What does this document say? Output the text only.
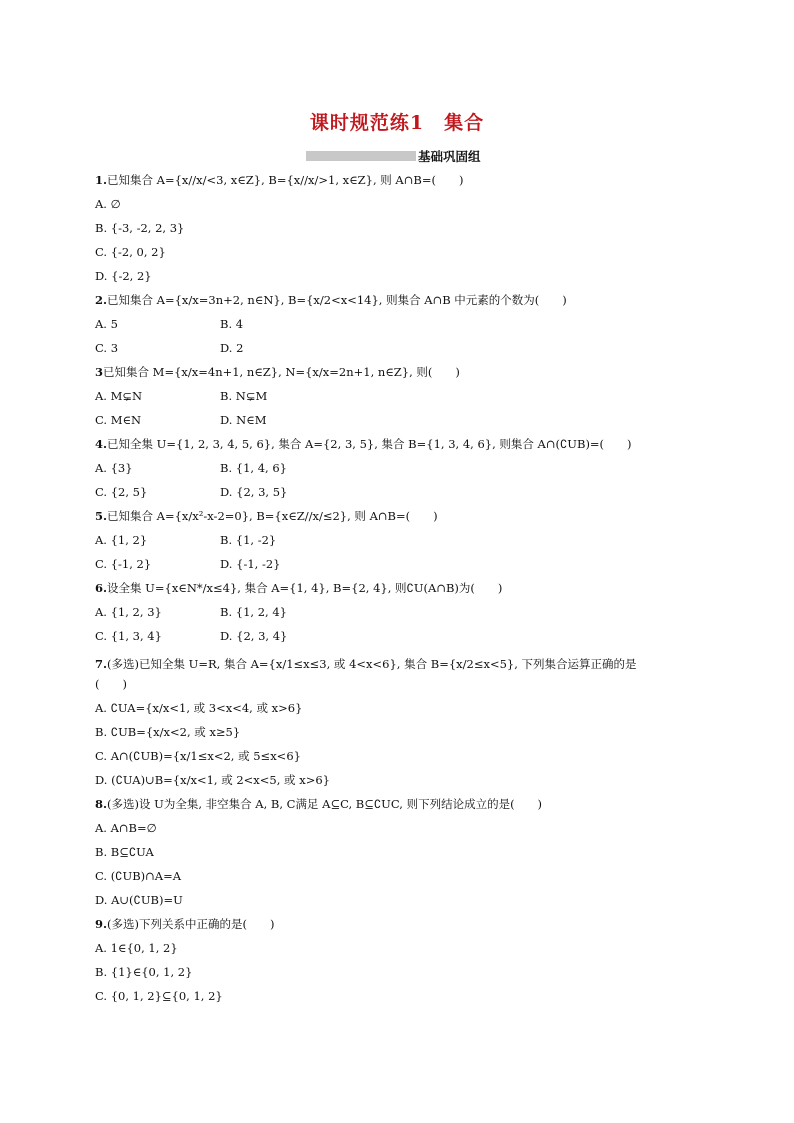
课时规范练1　集合
基础巩固组
1.已知集合 A={x//x/<3, x∈Z}, B={x//x/>1, x∈Z}, 则 A∩B=(　　)
A. ∅
B. {-3, -2, 2, 3}
C. {-2, 0, 2}
D. {-2, 2}
2.已知集合 A={x/x=3n+2, n∈N}, B={x/2<x<14}, 则集合 A∩B 中元素的个数为(　　)
A. 5	B. 4
C. 3	D. 2
3已知集合 M={x/x=4n+1, n∈Z}, N={x/x=2n+1, n∈Z}, 则(　　)
A. M⊊N	B. N⊊M
C. M∈N	D. N∈M
4.已知全集 U={1, 2, 3, 4, 5, 6}, 集合 A={2, 3, 5}, 集合 B={1, 3, 4, 6}, 则集合 A∩(∁UB)=(　　)
A. {3}	B. {1, 4, 6}
C. {2, 5}	D. {2, 3, 5}
5.已知集合 A={x/x²-x-2=0}, B={x∈Z//x/≤2}, 则 A∩B=(　　)
A. {1, 2}	B. {1, -2}
C. {-1, 2}	D. {-1, -2}
6.设全集 U={x∈N*/x≤4}, 集合 A={1, 4}, B={2, 4}, 则∁U(A∩B)为(　　)
A. {1, 2, 3}	B. {1, 2, 4}
C. {1, 3, 4}	D. {2, 3, 4}
7.(多选)已知全集 U=R, 集合 A={x/1≤x≤3, 或 4<x<6}, 集合 B={x/2≤x<5}, 下列集合运算正确的是
(　　)
A. ∁UA={x/x<1, 或 3<x<4, 或 x>6}
B. ∁UB={x/x<2, 或 x≥5}
C. A∩(∁UB)={x/1≤x<2, 或 5≤x<6}
D. (∁UA)∪B={x/x<1, 或 2<x<5, 或 x>6}
8.(多选)设 U为全集, 非空集合 A, B, C满足 A⊆C, B⊆∁UC, 则下列结论成立的是(　　)
A. A∩B=∅
B. B⊆∁UA
C. (∁UB)∩A=A
D. A∪(∁UB)=U
9.(多选)下列关系中正确的是(　　)
A. 1∈{0, 1, 2}
B. {1}∈{0, 1, 2}
C. {0, 1, 2}⊆{0, 1, 2}
